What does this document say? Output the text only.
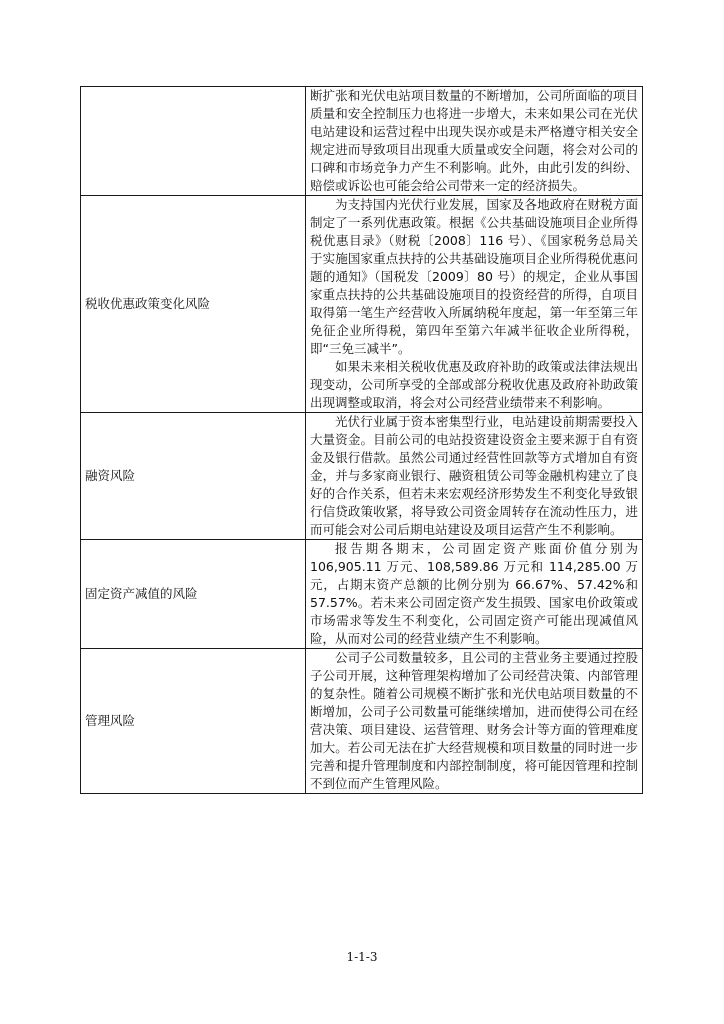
	断扩张和光伏电站项目数量的不断增加，公司所面临的项目质量和安全控制压力也将进一步增大，未来如果公司在光伏电站建设和运营过程中出现失误亦或是未严格遵守相关安全规定进而导致项目出现重大质量或安全问题，将会对公司的口碑和市场竞争力产生不利影响。此外，由此引发的纠纷、赔偿或诉讼也可能会给公司带来一定的经济损失。

税收优惠政策变化风险	为支持国内光伏行业发展，国家及各地政府在财税方面制定了一系列优惠政策。根据《公共基础设施项目企业所得税优惠目录》（财税〔2008〕116 号）、《国家税务总局关于实施国家重点扶持的公共基础设施项目企业所得税优惠问题的通知》（国税发〔2009〕80 号）的规定，企业从事国家重点扶持的公共基础设施项目的投资经营的所得，自项目取得第一笔生产经营收入所属纳税年度起，第一年至第三年免征企业所得税，第四年至第六年减半征收企业所得税，即“三免三减半”。

如果未来相关税收优惠及政府补助的政策或法律法规出现变动，公司所享受的全部或部分税收优惠及政府补助政策出现调整或取消，将会对公司经营业绩带来不利影响。

融资风险	光伏行业属于资本密集型行业，电站建设前期需要投入大量资金。目前公司的电站投资建设资金主要来源于自有资金及银行借款。虽然公司通过经营性回款等方式增加自有资金，并与多家商业银行、融资租赁公司等金融机构建立了良好的合作关系，但若未来宏观经济形势发生不利变化导致银行信贷政策收紧，将导致公司资金周转存在流动性压力，进而可能会对公司后期电站建设及项目运营产生不利影响。

固定资产减值的风险	报告期各期末，公司固定资产账面价值分别为106,905.11 万元、108,589.86 万元和 114,285.00 万元，占期末资产总额的比例分别为 66.67%、57.42%和 57.57%。若未来公司固定资产发生损毁、国家电价政策或市场需求等发生不利变化，公司固定资产可能出现减值风险，从而对公司的经营业绩产生不利影响。

管理风险	公司子公司数量较多，且公司的主营业务主要通过控股子公司开展，这种管理架构增加了公司经营决策、内部管理的复杂性。随着公司规模不断扩张和光伏电站项目数量的不断增加，公司子公司数量可能继续增加，进而使得公司在经营决策、项目建设、运营管理、财务会计等方面的管理难度加大。若公司无法在扩大经营规模和项目数量的同时进一步完善和提升管理制度和内部控制制度，将可能因管理和控制不到位而产生管理风险。

1-1-3
